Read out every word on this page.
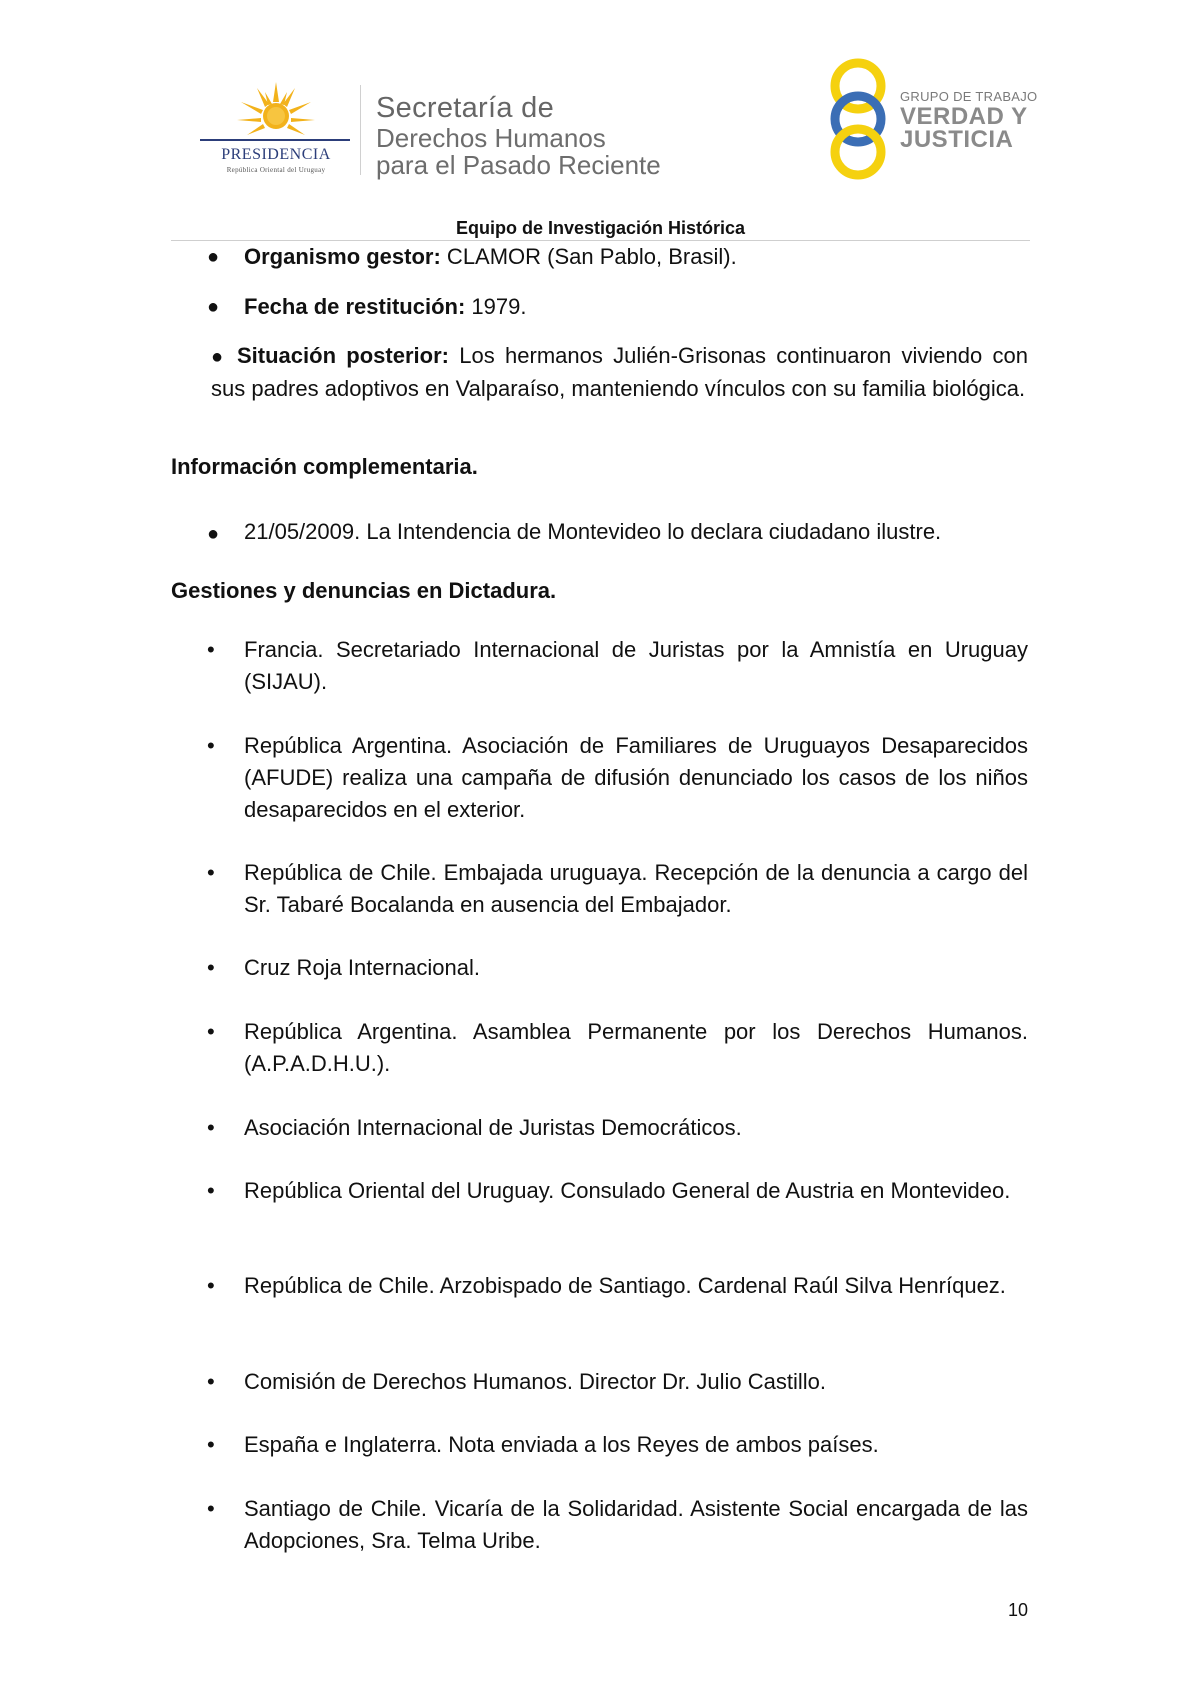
PRESIDENCIA
República Oriental del Uruguay
Secretaría de
Derechos Humanos
para el Pasado Reciente
GRUPO DE TRABAJO
VERDAD Y
JUSTICIA
Equipo de Investigación Histórica
● Organismo gestor: CLAMOR (San Pablo, Brasil).
● Fecha de restitución: 1979.
● Situación posterior: Los hermanos Julién-Grisonas continuaron viviendo con sus padres adoptivos en Valparaíso, manteniendo vínculos con su familia biológica.
Información complementaria.
● 21/05/2009. La Intendencia de Montevideo lo declara ciudadano ilustre.
Gestiones y denuncias en Dictadura.
• Francia. Secretariado Internacional de Juristas por la Amnistía en Uruguay (SIJAU).
• República Argentina. Asociación de Familiares de Uruguayos Desaparecidos (AFUDE) realiza una campaña de difusión denunciado los casos de los niños desaparecidos en el exterior.
• República de Chile. Embajada uruguaya. Recepción de la denuncia a cargo del Sr. Tabaré Bocalanda en ausencia del Embajador.
• Cruz Roja Internacional.
• República Argentina. Asamblea Permanente por los Derechos Humanos. (A.P.A.D.H.U.).
• Asociación Internacional de Juristas Democráticos.
• República Oriental del Uruguay. Consulado General de Austria en Montevideo.
• República de Chile. Arzobispado de Santiago. Cardenal Raúl Silva Henríquez.
• Comisión de Derechos Humanos. Director Dr. Julio Castillo.
• España e Inglaterra. Nota enviada a los Reyes de ambos países.
• Santiago de Chile. Vicaría de la Solidaridad. Asistente Social encargada de las Adopciones, Sra. Telma Uribe.
10
